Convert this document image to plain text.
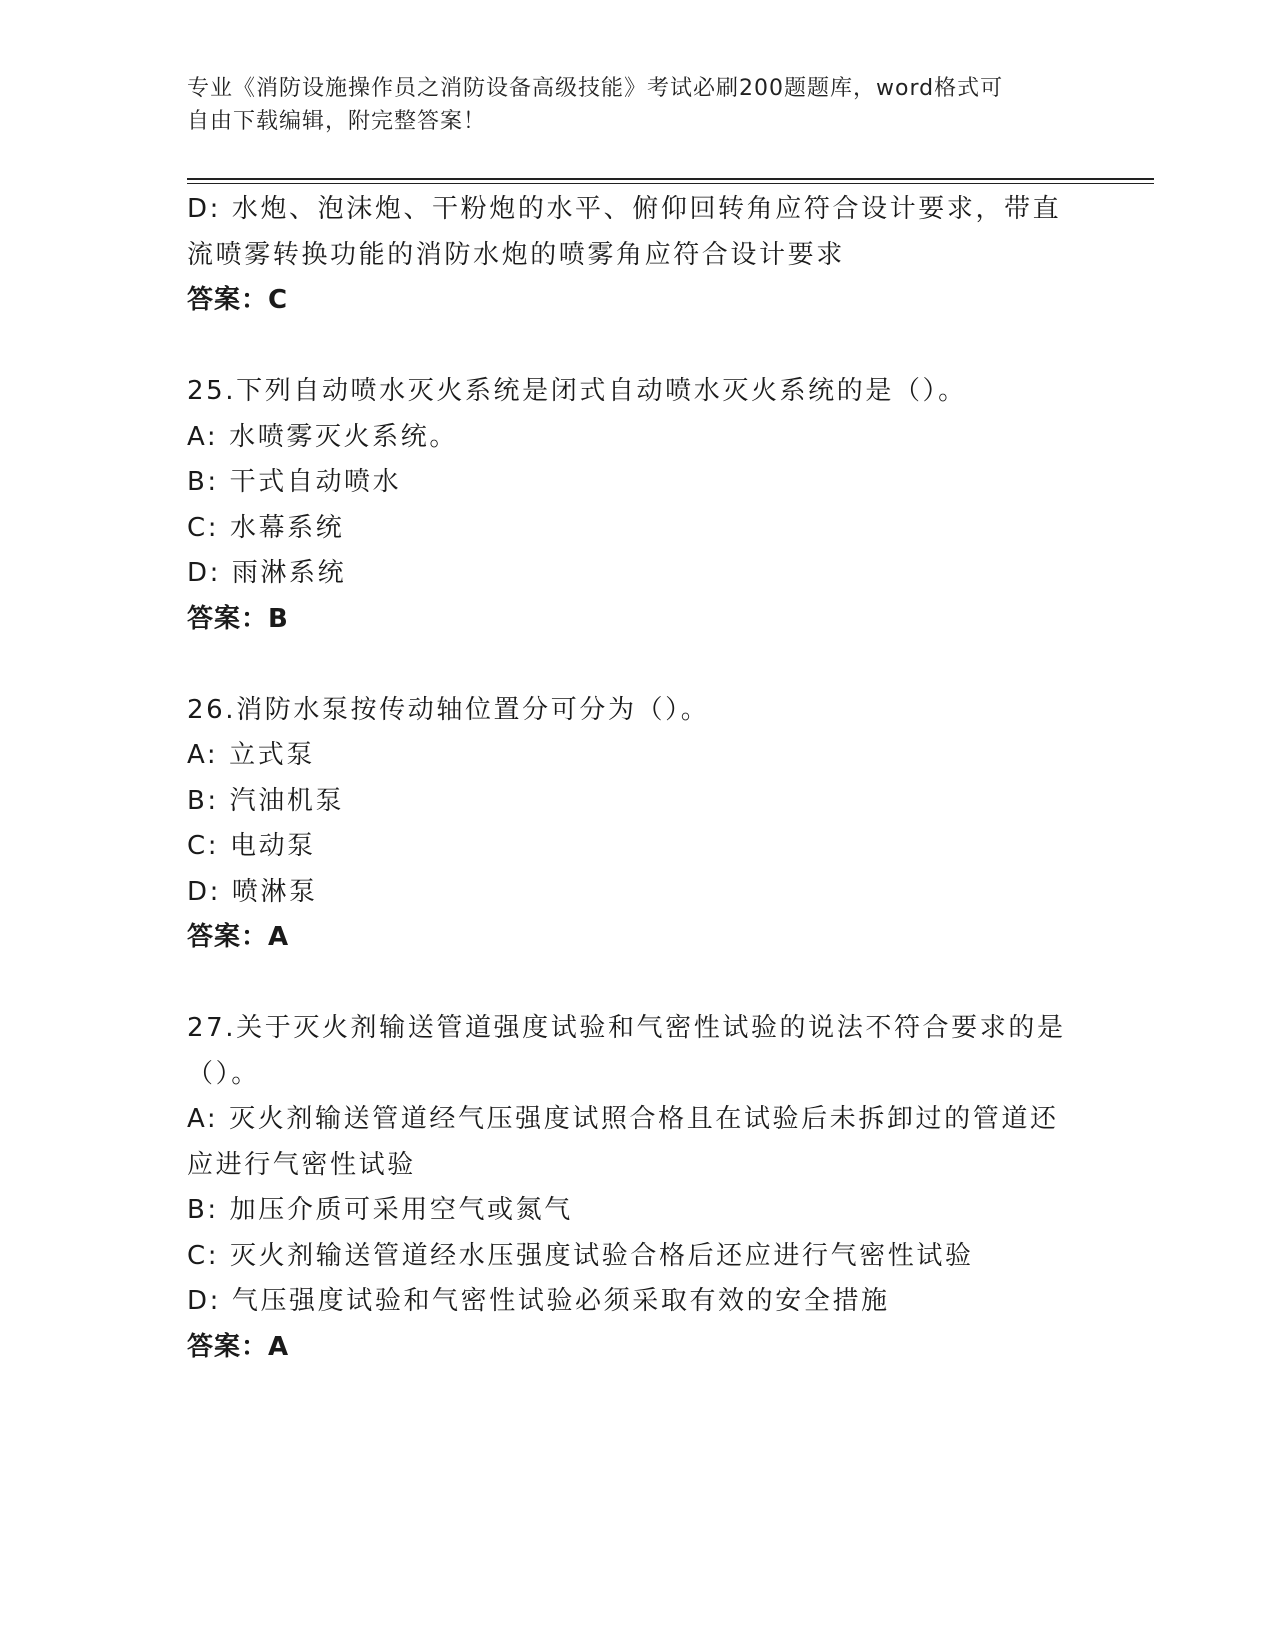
专业《消防设施操作员之消防设备高级技能》考试必刷200题题库，word格式可
自由下载编辑，附完整答案！
D: 水炮、泡沫炮、干粉炮的水平、俯仰回转角应符合设计要求，带直
流喷雾转换功能的消防水炮的喷雾角应符合设计要求
答案：C
25.下列自动喷水灭火系统是闭式自动喷水灭火系统的是（）。
A: 水喷雾灭火系统。
B: 干式自动喷水
C: 水幕系统
D: 雨淋系统
答案：B
26.消防水泵按传动轴位置分可分为（）。
A: 立式泵
B: 汽油机泵
C: 电动泵
D: 喷淋泵
答案：A
27.关于灭火剂输送管道强度试验和气密性试验的说法不符合要求的是
（）。
A: 灭火剂输送管道经气压强度试照合格且在试验后未拆卸过的管道还
应进行气密性试验
B: 加压介质可采用空气或氮气
C: 灭火剂输送管道经水压强度试验合格后还应进行气密性试验
D: 气压强度试验和气密性试验必须采取有效的安全措施
答案：A
